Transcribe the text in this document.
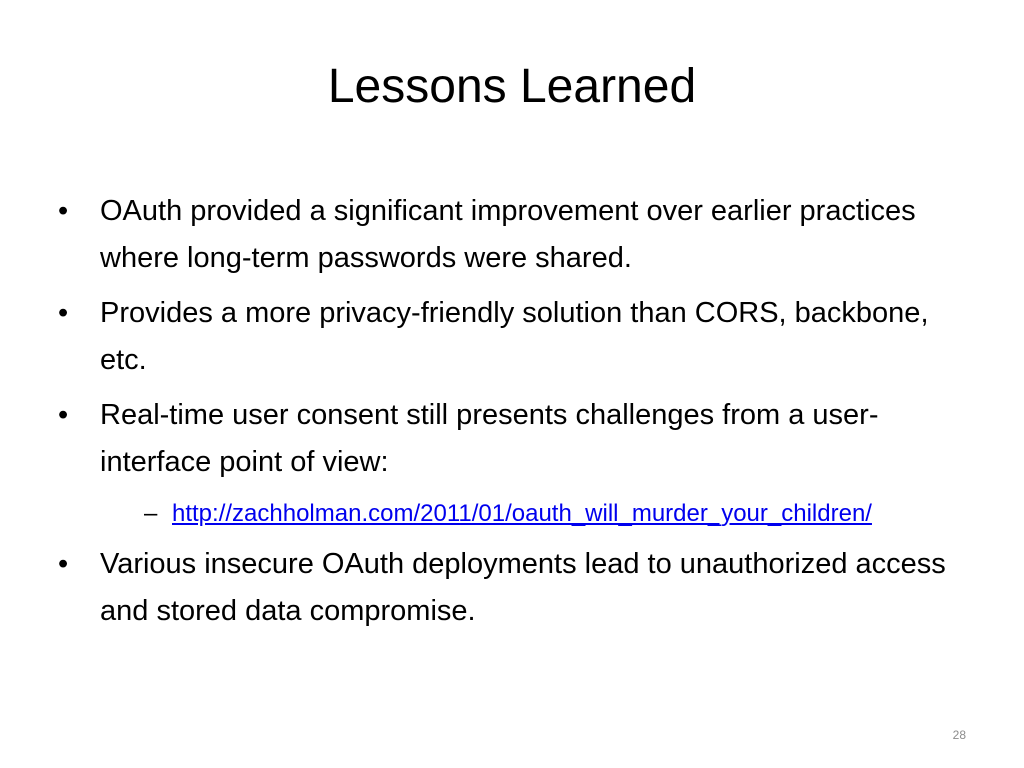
Lessons Learned
•	OAuth provided a significant improvement over earlier practices where long-term passwords were shared.
•	Provides a more privacy-friendly solution than CORS, backbone, etc.
•	Real-time user consent still presents challenges from a user-interface point of view:
– http://zachholman.com/2011/01/oauth_will_murder_your_children/
•	Various insecure OAuth deployments lead to unauthorized access and stored data compromise.
28
